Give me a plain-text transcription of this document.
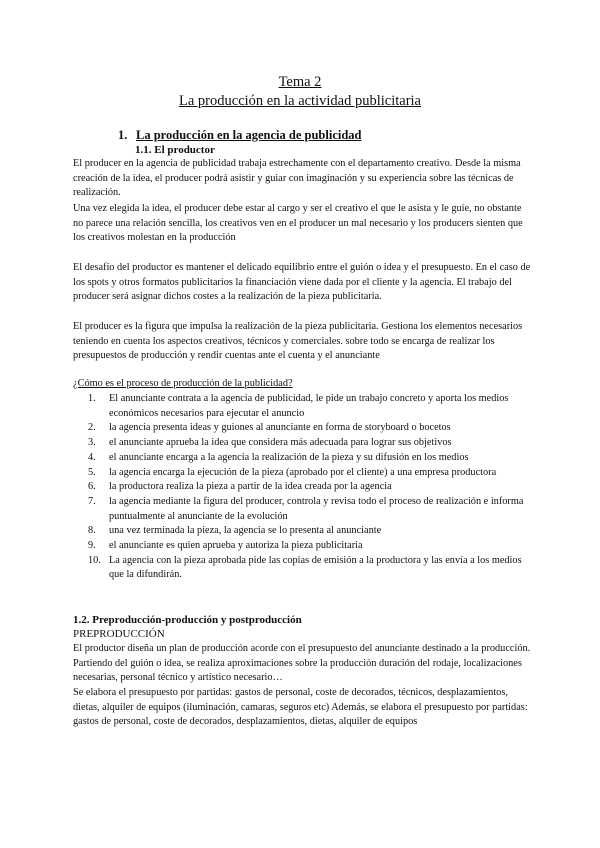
Tema 2
La producción en la actividad publicitaria
1. La producción en la agencia de publicidad
1.1. El productor
El producer en la agencia de publicidad trabaja estrechamente con el departamento creativo. Desde la misma creación de la idea, el producer podrá asistir y guiar con imaginación y su experiencia sobre las técnicas de realización.
Una vez elegida la idea, el producer debe estar al cargo y ser el creativo el que le asista y le guíe, no obstante no parece una relación sencilla, los creativos ven en el producer un mal necesario y los producers sienten que los creativos molestan en la producción
El desafío del productor es mantener el delicado equilibrio entre el guión o idea y el presupuesto. En el caso de los spots y otros formatos publicitarios la financiación viene dada por el cliente y la agencia. El trabajo del producer será asignar dichos costes a la realización de la pieza publicitaria.
El producer es la figura que impulsa la realización de la pieza publicitaria. Gestiona los elementos necesarios teniendo en cuenta los aspectos creativos, técnicos y comerciales. sobre todo se encarga de realizar los presupuestos de producción y rendir cuentas ante el cuenta y el anunciante
¿Cómo es el proceso de producción de la publicidad?
1.	El anunciante contrata a la agencia de publicidad, le pide un trabajo concreto y aporta los medios económicos necesarios para ejecutar el anuncio
2.	la agencia presenta ideas y guiones al anunciante en forma de storyboard o bocetos
3.	el anunciante aprueba la idea que considera más adecuada para lograr sus objetivos
4.	el anunciante encarga a la agencia la realización de la pieza y su difusión en los medios
5.	la agencia encarga la ejecución de la pieza (aprobado por el cliente) a una empresa productora
6.	la productora realiza la pieza a partir de la idea creada por la agencia
7.	la agencia mediante la figura del producer, controla y revisa todo el proceso de realización e informa puntualmente al anunciante de la evolución
8.	una vez terminada la pieza, la agencia se lo presenta al anunciante
9.	el anunciante es quien aprueba y autoriza la pieza publicitaria
10. La agencia con la pieza aprobada pide las copias de emisión a la productora y las envía a los medios que la difundirán.
1.2. Preproducción-producción y postproducción
PREPRODUCCIÓN
El productor diseña un plan de producción acorde con el presupuesto del anunciante destinado a la producción. Partiendo del guión o idea, se realiza aproximaciones sobre la producción duración del rodaje, localizaciones necesarias, personal técnico y artístico necesario…
Se elabora el presupuesto por partidas: gastos de personal, coste de decorados, técnicos, desplazamientos, dietas, alquiler de equipos (iluminación, camaras, seguros etc) Además, se elabora el presupuesto por partidas: gastos de personal, coste de decorados, desplazamientos, dietas, alquiler de equipos
